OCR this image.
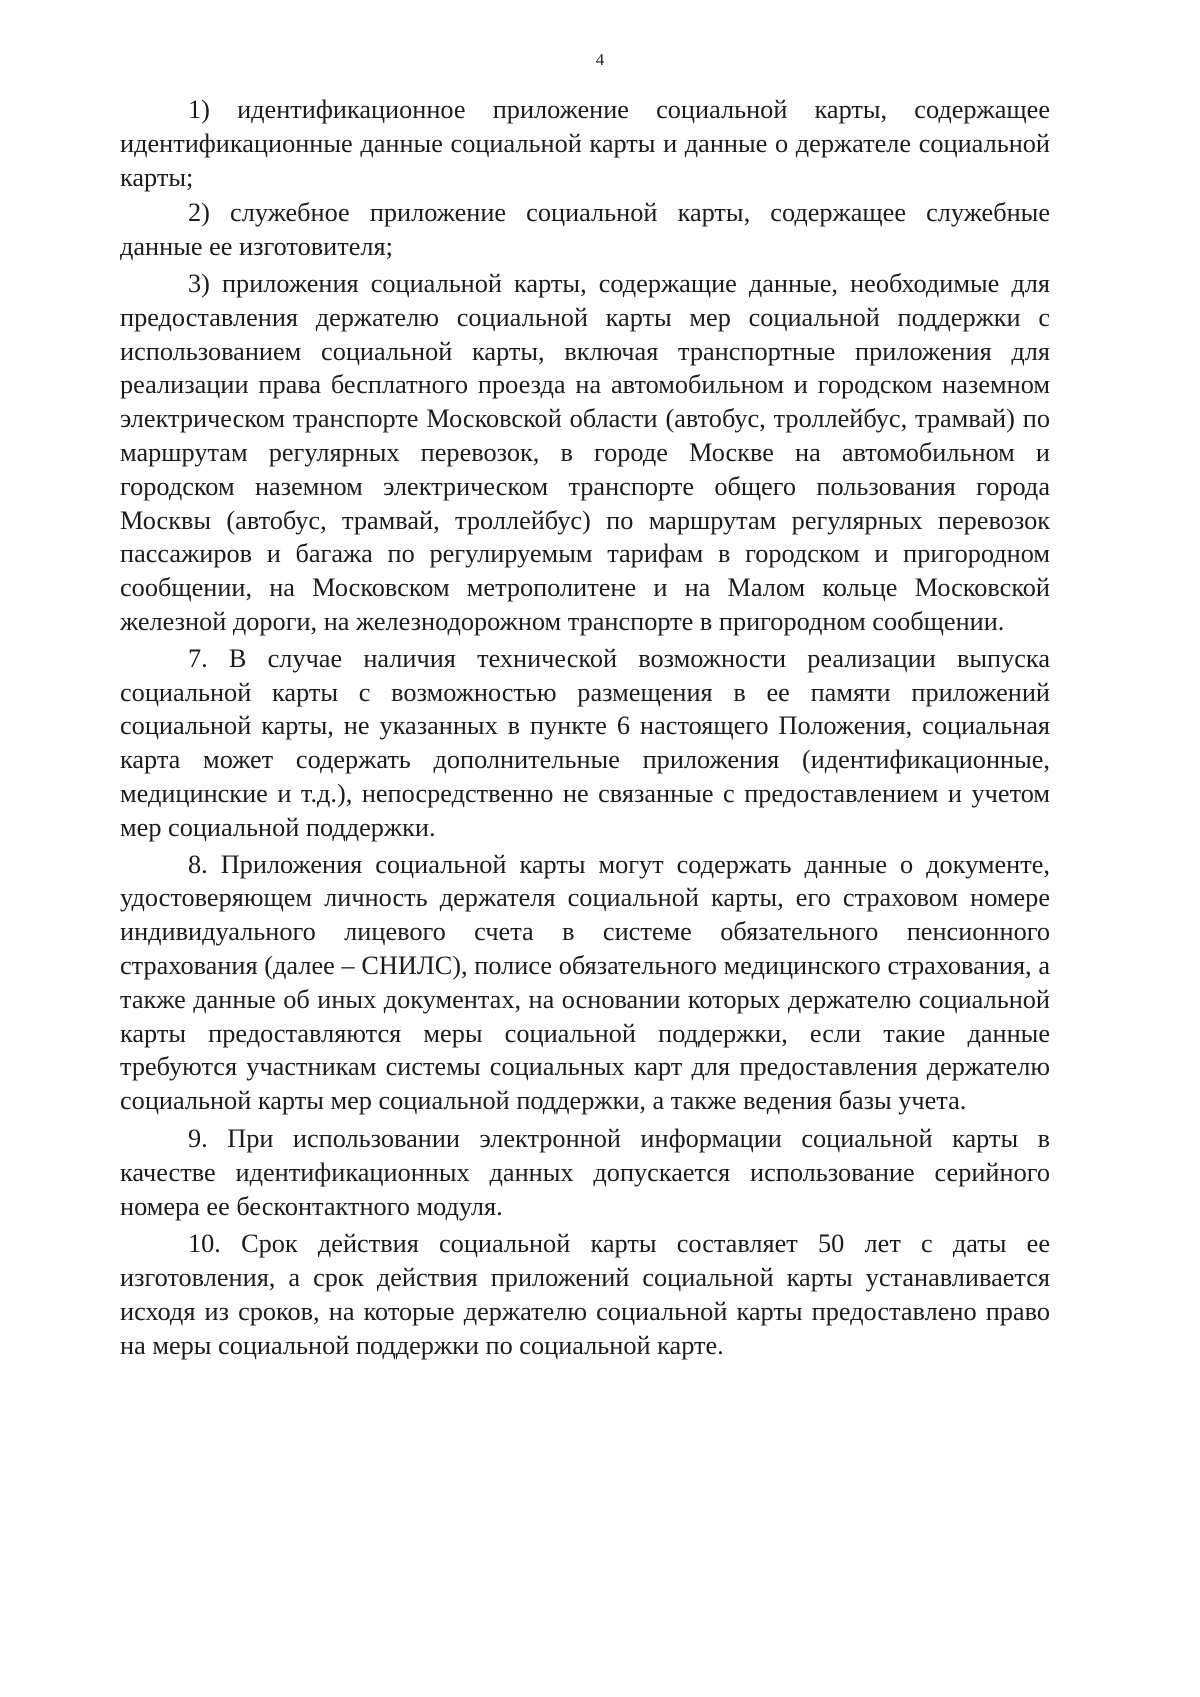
4

1) идентификационное приложение социальной карты, содержащее идентификационные данные социальной карты и данные о держателе социальной карты;

2) служебное приложение социальной карты, содержащее служебные данные ее изготовителя;

3) приложения социальной карты, содержащие данные, необходимые для предоставления держателю социальной карты мер социальной поддержки с использованием социальной карты, включая транспортные приложения для реализации права бесплатного проезда на автомобильном и городском наземном электрическом транспорте Московской области (автобус, троллейбус, трамвай) по маршрутам регулярных перевозок, в городе Москве на автомобильном и городском наземном электрическом транспорте общего пользования города Москвы (автобус, трамвай, троллейбус) по маршрутам регулярных перевозок пассажиров и багажа по регулируемым тарифам в городском и пригородном сообщении, на Московском метрополитене и на Малом кольце Московской железной дороги, на железнодорожном транспорте в пригородном сообщении.

7. В случае наличия технической возможности реализации выпуска социальной карты с возможностью размещения в ее памяти приложений социальной карты, не указанных в пункте 6 настоящего Положения, социальная карта может содержать дополнительные приложения (идентификационные, медицинские и т.д.), непосредственно не связанные с предоставлением и учетом мер социальной поддержки.

8. Приложения социальной карты могут содержать данные о документе, удостоверяющем личность держателя социальной карты, его страховом номере индивидуального лицевого счета в системе обязательного пенсионного страхования (далее – СНИЛС), полисе обязательного медицинского страхования, а также данные об иных документах, на основании которых держателю социальной карты предоставляются меры социальной поддержки, если такие данные требуются участникам системы социальных карт для предоставления держателю социальной карты мер социальной поддержки, а также ведения базы учета.

9. При использовании электронной информации социальной карты в качестве идентификационных данных допускается использование серийного номера ее бесконтактного модуля.

10. Срок действия социальной карты составляет 50 лет с даты ее изготовления, а срок действия приложений социальной карты устанавливается исходя из сроков, на которые держателю социальной карты предоставлено право на меры социальной поддержки по социальной карте.
